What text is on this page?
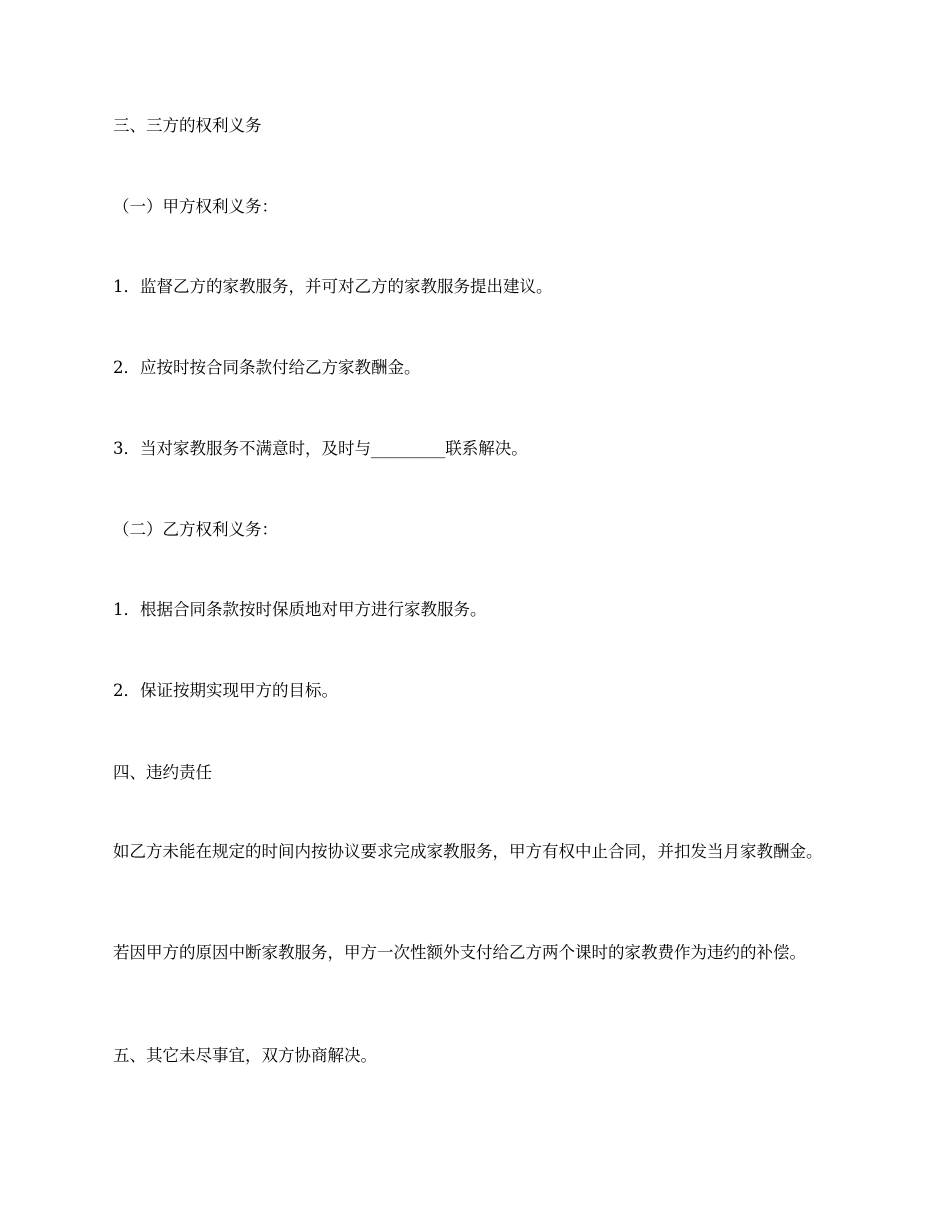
三、三方的权利义务

（一）甲方权利义务：

1．监督乙方的家教服务，并可对乙方的家教服务提出建议。

2．应按时按合同条款付给乙方家教酬金。

3．当对家教服务不满意时，及时与_________联系解决。

（二）乙方权利义务：

1．根据合同条款按时保质地对甲方进行家教服务。

2．保证按期实现甲方的目标。

四、违约责任

如乙方未能在规定的时间内按协议要求完成家教服务，甲方有权中止合同，并扣发当月家教酬金。

若因甲方的原因中断家教服务，甲方一次性额外支付给乙方两个课时的家教费作为违约的补偿。

五、其它未尽事宜，双方协商解决。
